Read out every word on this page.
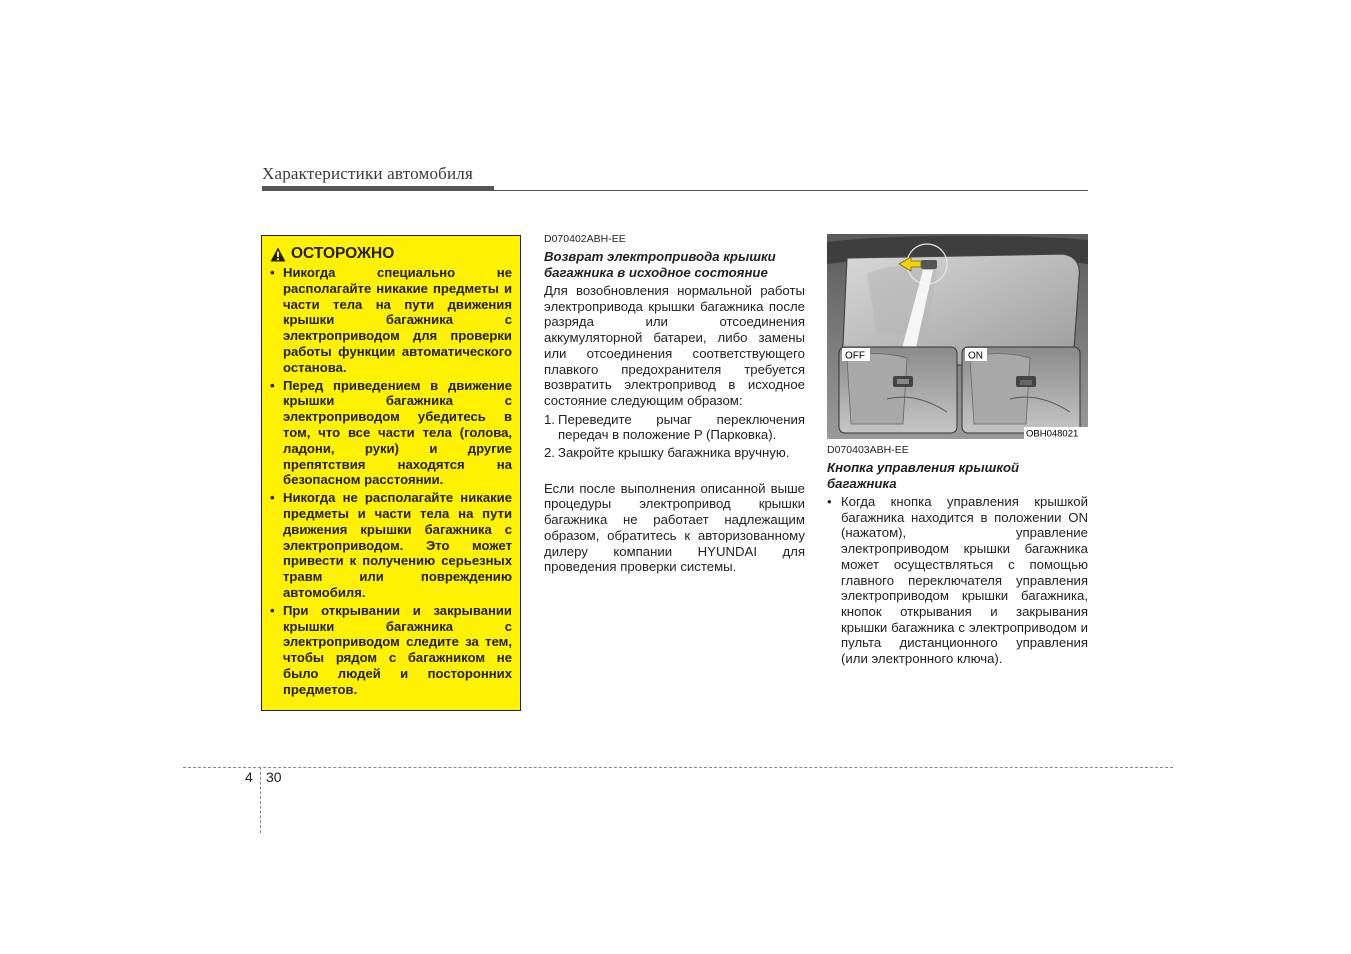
Характеристики автомобиля
ОСТОРОЖНО
• Никогда специально не располагайте никакие предметы и части тела на пути движения крышки багажника с электроприводом для проверки работы функции автоматического останова.
• Перед приведением в движение крышки багажника с электроприводом убедитесь в том, что все части тела (голова, ладони, руки) и другие препятствия находятся на безопасном расстоянии.
• Никогда не располагайте никакие предметы и части тела на пути движения крышки багажника с электроприводом. Это может привести к получению серьезных травм или повреждению автомобиля.
• При открывании и закрывании крышки багажника с электроприводом следите за тем, чтобы рядом с багажником не было людей и посторонних предметов.
D070402ABH-EE
Возврат электропривода крышки багажника в исходное состояние
Для возобновления нормальной работы электропривода крышки багажника после разряда или отсоединения аккумуляторной батареи, либо замены или отсоединения соответствующего плавкого предохранителя требуется возвратить электропривод в исходное состояние следующим образом:
1. Переведите рычаг переключения передач в положение P (Парковка).
2. Закройте крышку багажника вручную.
Если после выполнения описанной выше процедуры электропривод крышки багажника не работает надлежащим образом, обратитесь к авторизованному дилеру компании HYUNDAI для проведения проверки системы.
OFF	ON
OBH048021
D070403ABH-EE
Кнопка управления крышкой багажника
• Когда кнопка управления крышкой багажника находится в положении ON (нажатом), управление электроприводом крышки багажника может осуществляться с помощью главного переключателя управления электроприводом крышки багажника, кнопок открывания и закрывания крышки багажника с электроприводом и пульта дистанционного управления (или электронного ключа).
4 30
